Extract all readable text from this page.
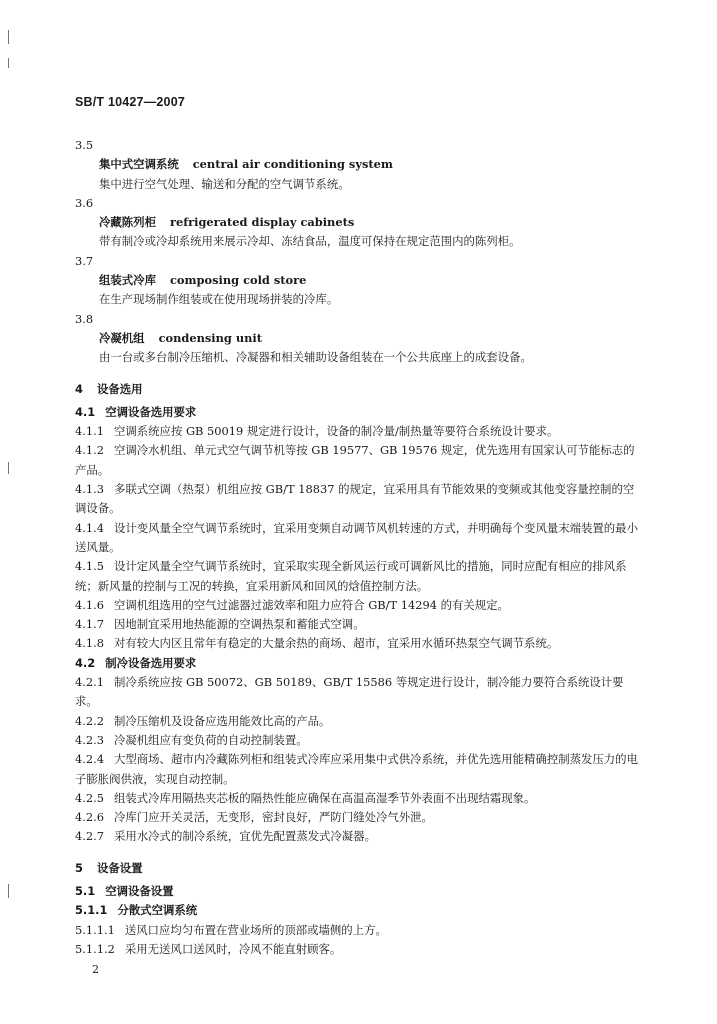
SB/T 10427—2007
3.5
集中式空调系统 central air conditioning system
集中进行空气处理、输送和分配的空气调节系统。
3.6
冷藏陈列柜 refrigerated display cabinets
带有制冷或冷却系统用来展示冷却、冻结食品，温度可保持在规定范围内的陈列柜。
3.7
组装式冷库 composing cold store
在生产现场制作组装或在使用现场拼装的冷库。
3.8
冷凝机组 condensing unit
由一台或多台制冷压缩机、冷凝器和相关辅助设备组装在一个公共底座上的成套设备。
4 设备选用
4.1 空调设备选用要求
4.1.1 空调系统应按 GB 50019 规定进行设计，设备的制冷量/制热量等要符合系统设计要求。
4.1.2 空调冷水机组、单元式空气调节机等按 GB 19577、GB 19576 规定，优先选用有国家认可节能标志的产品。
4.1.3 多联式空调（热泵）机组应按 GB/T 18837 的规定，宜采用具有节能效果的变频或其他变容量控制的空调设备。
4.1.4 设计变风量全空气调节系统时，宜采用变频自动调节风机转速的方式，并明确每个变风量末端装置的最小送风量。
4.1.5 设计定风量全空气调节系统时，宜采取实现全新风运行或可调新风比的措施，同时应配有相应的排风系统；新风量的控制与工况的转换，宜采用新风和回风的焓值控制方法。
4.1.6 空调机组选用的空气过滤器过滤效率和阻力应符合 GB/T 14294 的有关规定。
4.1.7 因地制宜采用地热能源的空调热泵和蓄能式空调。
4.1.8 对有较大内区且常年有稳定的大量余热的商场、超市，宜采用水循环热泵空气调节系统。
4.2 制冷设备选用要求
4.2.1 制冷系统应按 GB 50072、GB 50189、GB/T 15586 等规定进行设计，制冷能力要符合系统设计要求。
4.2.2 制冷压缩机及设备应选用能效比高的产品。
4.2.3 冷凝机组应有变负荷的自动控制装置。
4.2.4 大型商场、超市内冷藏陈列柜和组装式冷库应采用集中式供冷系统，并优先选用能精确控制蒸发压力的电子膨胀阀供液，实现自动控制。
4.2.5 组装式冷库用隔热夹芯板的隔热性能应确保在高温高湿季节外表面不出现结霜现象。
4.2.6 冷库门应开关灵活，无变形，密封良好，严防门缝处冷气外泄。
4.2.7 采用水冷式的制冷系统，宜优先配置蒸发式冷凝器。
5 设备设置
5.1 空调设备设置
5.1.1 分散式空调系统
5.1.1.1 送风口应均匀布置在营业场所的顶部或墙侧的上方。
5.1.1.2 采用无送风口送风时，冷风不能直射顾客。
2
